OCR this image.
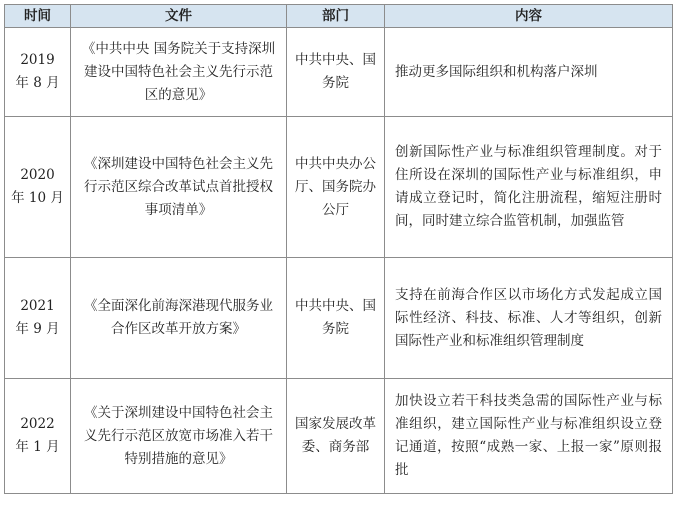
时间	文件	部门	内容

2019
年 8 月	《中共中央 国务院关于支持深圳建设中国特色社会主义先行示范区的意见》	中共中央、国务院	推动更多国际组织和机构落户深圳

2020
年 10 月	《深圳建设中国特色社会主义先行示范区综合改革试点首批授权事项清单》	中共中央办公厅、国务院办公厅	创新国际性产业与标准组织管理制度。对于住所设在深圳的国际性产业与标准组织，申请成立登记时，简化注册流程，缩短注册时间，同时建立综合监管机制，加强监管

2021
年 9 月	《全面深化前海深港现代服务业合作区改革开放方案》	中共中央、国务院	支持在前海合作区以市场化方式发起成立国际性经济、科技、标准、人才等组织，创新国际性产业和标准组织管理制度

2022
年 1 月	《关于深圳建设中国特色社会主义先行示范区放宽市场准入若干特别措施的意见》	国家发展改革委、商务部	加快设立若干科技类急需的国际性产业与标准组织，建立国际性产业与标准组织设立登记通道，按照“成熟一家、上报一家”原则报批
